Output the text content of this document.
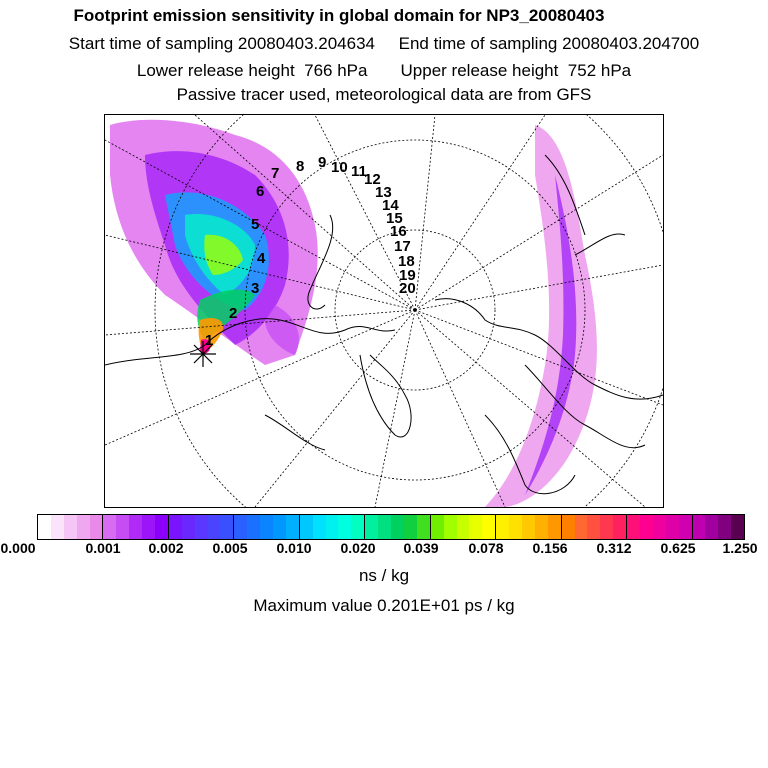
Footprint emission sensitivity in global domain for NP3_20080403
Start time of sampling 20080403.204634     End time of sampling 20080403.204700
Lower release height  766 hPa       Upper release height  752 hPa
Passive tracer used, meteorological data are from GFS
1
2
3
4
5
6
7 8 9 10 11
12
13
14
15
16
17
18
19
20
0.000	0.001 0.002 0.005 0.010 0.020 0.039 0.078 0.156 0.312 0.625 1.250
ns / kg
Maximum value 0.201E+01 ps / kg
